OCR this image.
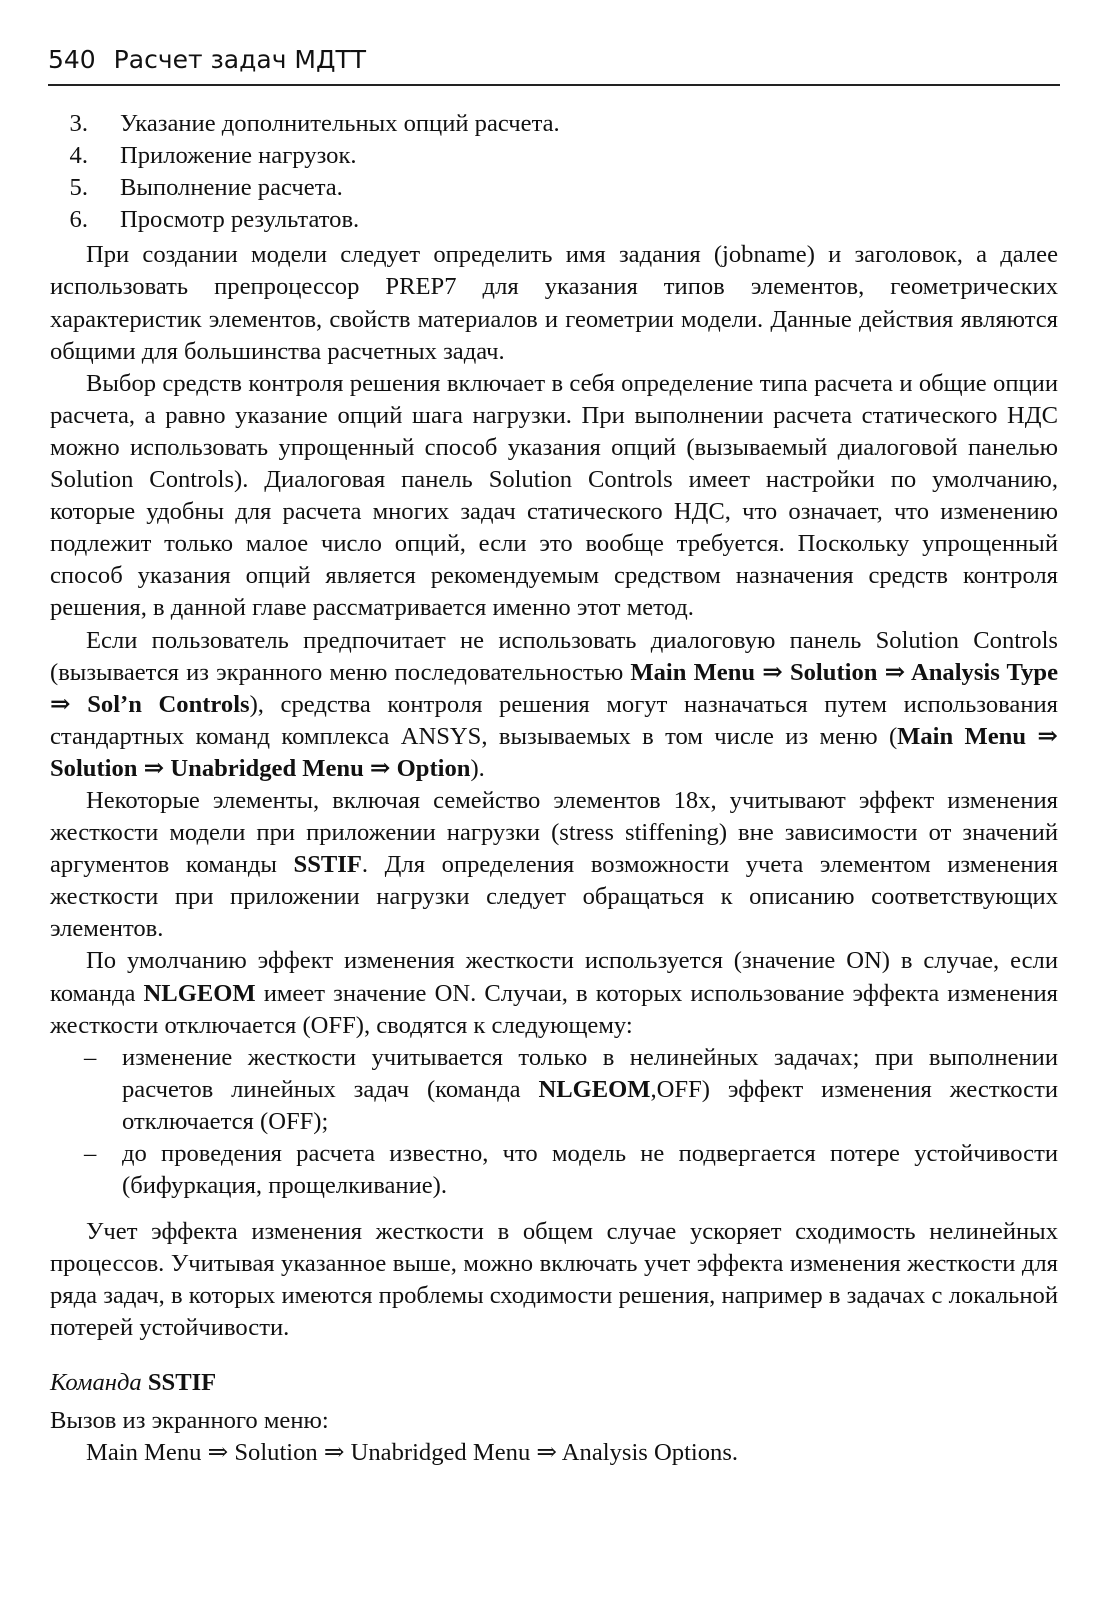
540 Расчет задач МДТТ
3. Указание дополнительных опций расчета.
4. Приложение нагрузок.
5. Выполнение расчета.
6. Просмотр результатов.

При создании модели следует определить имя задания (jobname) и заголовок, а далее использовать препроцессор PREP7 для указания типов элементов, геометрических характеристик элементов, свойств материалов и геометрии модели. Данные действия являются общими для большинства расчетных задач.

Выбор средств контроля решения включает в себя определение типа расчета и общие опции расчета, а равно указание опций шага нагрузки. При выполнении расчета статического НДС можно использовать упрощенный способ указания опций (вызываемый диалоговой панелью Solution Controls). Диалоговая панель Solution Controls имеет настройки по умолчанию, которые удобны для расчета многих задач статического НДС, что означает, что изменению подлежит только малое число опций, если это вообще требуется. Поскольку упрощенный способ указания опций является рекомендуемым средством назначения средств контроля решения, в данной главе рассматривается именно этот метод.

Если пользователь предпочитает не использовать диалоговую панель Solution Controls (вызывается из экранного меню последовательностью Main Menu ⇒ Solution ⇒ Analysis Type ⇒ Sol’n Controls), средства контроля решения могут назначаться путем использования стандартных команд комплекса ANSYS, вызываемых в том числе из меню (Main Menu ⇒ Solution ⇒ Unabridged Menu ⇒ Option).

Некоторые элементы, включая семейство элементов 18x, учитывают эффект изменения жесткости модели при приложении нагрузки (stress stiffening) вне зависимости от значений аргументов команды SSTIF. Для определения возможности учета элементом изменения жесткости при приложении нагрузки следует обращаться к описанию соответствующих элементов.

По умолчанию эффект изменения жесткости используется (значение ON) в случае, если команда NLGEOM имеет значение ON. Случаи, в которых использование эффекта изменения жесткости отключается (OFF), сводятся к следующему:

– изменение жесткости учитывается только в нелинейных задачах; при выполнении расчетов линейных задач (команда NLGEOM,OFF) эффект изменения жесткости отключается (OFF);
– до проведения расчета известно, что модель не подвергается потере устойчивости (бифуркация, прощелкивание).

Учет эффекта изменения жесткости в общем случае ускоряет сходимость нелинейных процессов. Учитывая указанное выше, можно включать учет эффекта изменения жесткости для ряда задач, в которых имеются проблемы сходимости решения, например в задачах с локальной потерей устойчивости.

Команда SSTIF

Вызов из экранного меню:

Main Menu ⇒ Solution ⇒ Unabridged Menu ⇒ Analysis Options.
